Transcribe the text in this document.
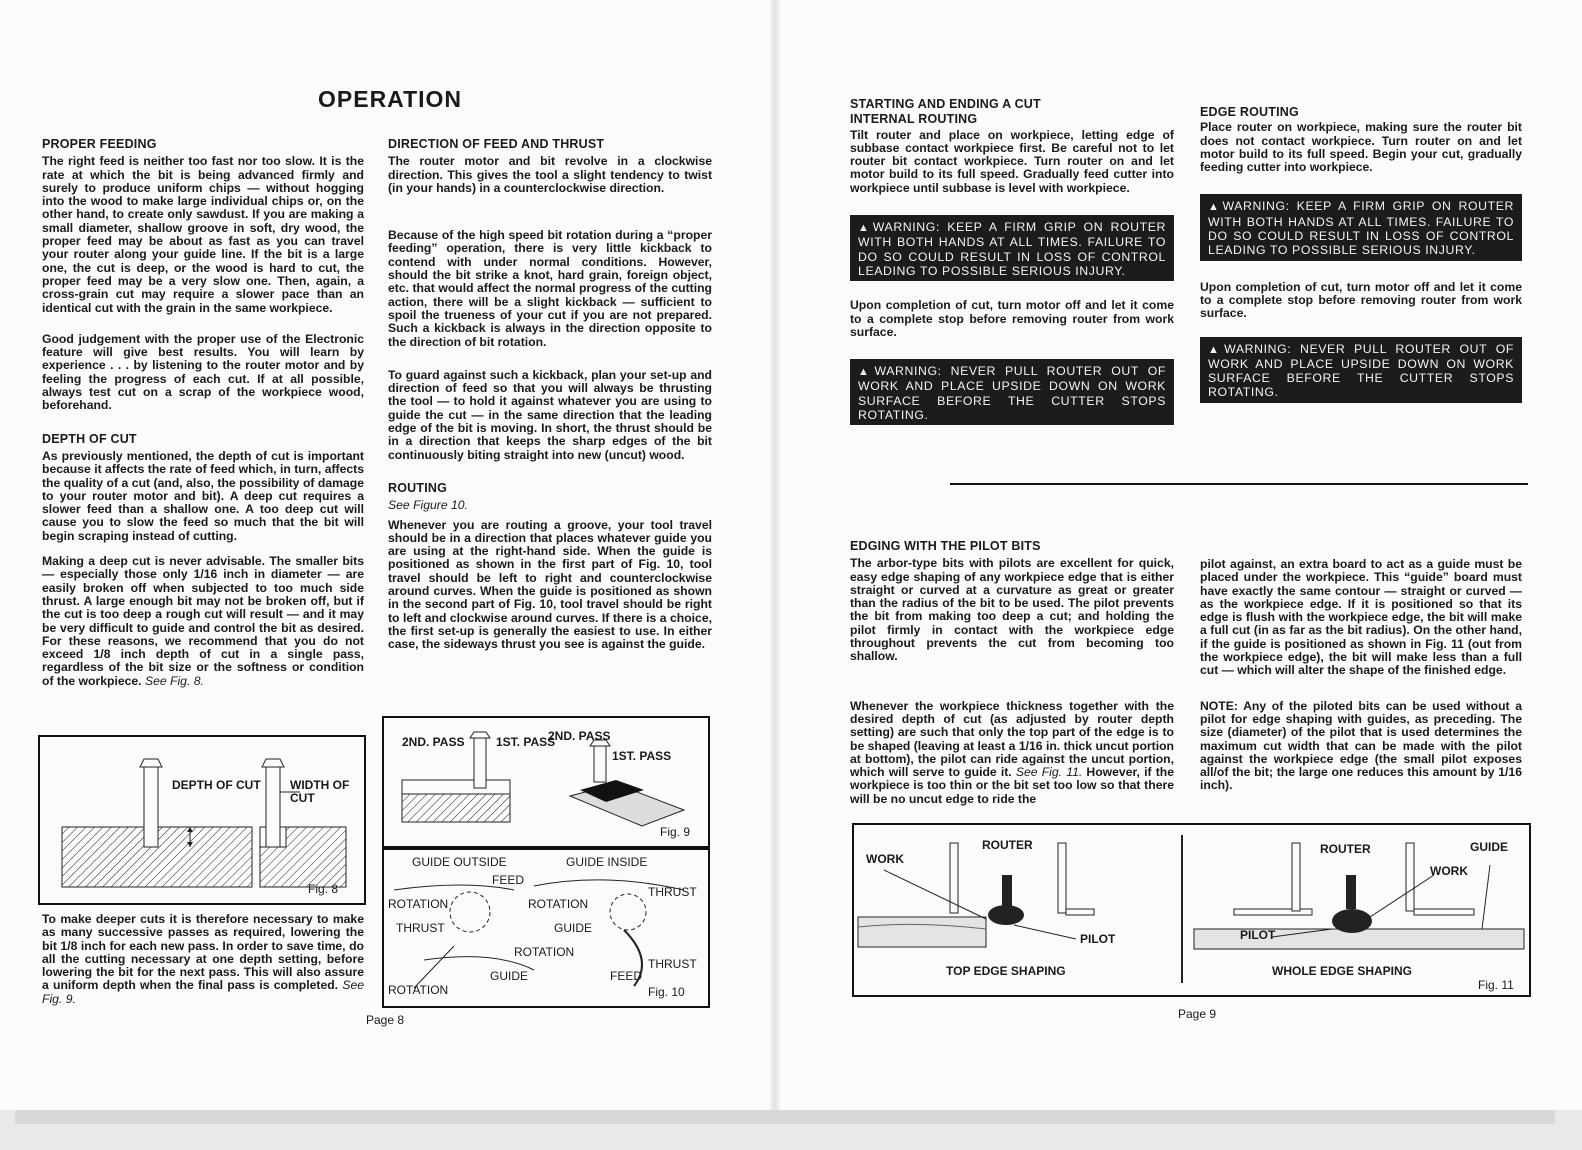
OPERATION
PROPER FEEDING

The right feed is neither too fast nor too slow. It is the rate at which the bit is being advanced firmly and surely to produce uniform chips — without hogging into the wood to make large individual chips or, on the other hand, to create only sawdust. If you are making a small diameter, shallow groove in soft, dry wood, the proper feed may be about as fast as you can travel your router along your guide line. If the bit is a large one, the cut is deep, or the wood is hard to cut, the proper feed may be a very slow one. Then, again, a cross-grain cut may require a slower pace than an identical cut with the grain in the same workpiece.

Good judgement with the proper use of the Electronic feature will give best results. You will learn by experience . . . by listening to the router motor and by feeling the progress of each cut. If at all possible, always test cut on a scrap of the workpiece wood, beforehand.

DEPTH OF CUT

As previously mentioned, the depth of cut is important because it affects the rate of feed which, in turn, affects the quality of a cut (and, also, the possibility of damage to your router motor and bit). A deep cut requires a slower feed than a shallow one. A too deep cut will cause you to slow the feed so much that the bit will begin scraping instead of cutting.

Making a deep cut is never advisable. The smaller bits — especially those only 1/16 inch in diameter — are easily broken off when subjected to too much side thrust. A large enough bit may not be broken off, but if the cut is too deep a rough cut will result — and it may be very difficult to guide and control the bit as desired. For these reasons, we recommend that you do not exceed 1/8 inch depth of cut in a single pass, regardless of the bit size or the softness or condition of the workpiece. See Fig. 8.

DEPTH OF CUT WIDTH OF CUT
Fig. 8

To make deeper cuts it is therefore necessary to make as many successive passes as required, lowering the bit 1/8 inch for each new pass. In order to save time, do all the cutting necessary at one depth setting, before lowering the bit for the next pass. This will also assure a uniform depth when the final pass is completed. See Fig. 9.

DIRECTION OF FEED AND THRUST

The router motor and bit revolve in a clockwise direction. This gives the tool a slight tendency to twist (in your hands) in a counterclockwise direction.

Because of the high speed bit rotation during a “proper feeding” operation, there is very little kickback to contend with under normal conditions. However, should the bit strike a knot, hard grain, foreign object, etc. that would affect the normal progress of the cutting action, there will be a slight kickback — sufficient to spoil the trueness of your cut if you are not prepared. Such a kickback is always in the direction opposite to the direction of bit rotation.

To guard against such a kickback, plan your set-up and direction of feed so that you will always be thrusting the tool — to hold it against whatever you are using to guide the cut — in the same direction that the leading edge of the bit is moving. In short, the thrust should be in a direction that keeps the sharp edges of the bit continuously biting straight into new (uncut) wood.

ROUTING

See Figure 10.

Whenever you are routing a groove, your tool travel should be in a direction that places whatever guide you are using at the right-hand side. When the guide is positioned as shown in the first part of Fig. 10, tool travel should be left to right and counterclockwise around curves. When the guide is positioned as shown in the second part of Fig. 10, tool travel should be right to left and clockwise around curves. If there is a choice, the first set-up is generally the easiest to use. In either case, the sideways thrust you see is against the guide.

2ND. PASS	1ST. PASS
2ND. PASS
1ST. PASS
Fig. 9
GUIDE OUTSIDE	GUIDE INSIDE
FEED
THRUST
ROTATION	ROTATION
THRUST	GUIDE
ROTATION
THRUST
GUIDE	FEED
ROTATION	Fig. 10
Page 8
STARTING AND ENDING A CUT
INTERNAL ROUTING

Tilt router and place on workpiece, letting edge of subbase contact workpiece first. Be careful not to let router bit contact workpiece. Turn router on and let motor build to its full speed. Gradually feed cutter into workpiece until subbase is level with workpiece.

▲WARNING: KEEP A FIRM GRIP ON ROUTER WITH BOTH HANDS AT ALL TIMES. FAILURE TO DO SO COULD RESULT IN LOSS OF CONTROL LEADING TO POSSIBLE SERIOUS INJURY.

Upon completion of cut, turn motor off and let it come to a complete stop before removing router from work surface.

▲WARNING: NEVER PULL ROUTER OUT OF WORK AND PLACE UPSIDE DOWN ON WORK SURFACE BEFORE THE CUTTER STOPS ROTATING.
EDGE ROUTING

Place router on workpiece, making sure the router bit does not contact workpiece. Turn router on and let motor build to its full speed. Begin your cut, gradually feeding cutter into workpiece.

▲WARNING: KEEP A FIRM GRIP ON ROUTER WITH BOTH HANDS AT ALL TIMES. FAILURE TO DO SO COULD RESULT IN LOSS OF CONTROL LEADING TO POSSIBLE SERIOUS INJURY.

Upon completion of cut, turn motor off and let it come to a complete stop before removing router from work surface.

▲WARNING: NEVER PULL ROUTER OUT OF WORK AND PLACE UPSIDE DOWN ON WORK SURFACE BEFORE THE CUTTER STOPS ROTATING.
EDGING WITH THE PILOT BITS

The arbor-type bits with pilots are excellent for quick, easy edge shaping of any workpiece edge that is either straight or curved at a curvature as great or greater than the radius of the bit to be used. The pilot prevents the bit from making too deep a cut; and holding the pilot firmly in contact with the workpiece edge throughout prevents the cut from becoming too shallow.

Whenever the workpiece thickness together with the desired depth of cut (as adjusted by router depth setting) are such that only the top part of the edge is to be shaped (leaving at least a 1/16 in. thick uncut portion at bottom), the pilot can ride against the uncut portion, which will serve to guide it. See Fig. 11. However, if the workpiece is too thin or the bit set too low so that there will be no uncut edge to ride the

pilot against, an extra board to act as a guide must be placed under the workpiece. This “guide” board must have exactly the same contour — straight or curved — as the workpiece edge. If it is positioned so that its edge is flush with the workpiece edge, the bit will make a full cut (in as far as the bit radius). On the other hand, if the guide is positioned as shown in Fig. 11 (out from the workpiece edge), the bit will make less than a full cut — which will alter the shape of the finished edge.

NOTE: Any of the piloted bits can be used without a pilot for edge shaping with guides, as preceding. The size (diameter) of the pilot that is used determines the maximum cut width that can be made with the pilot against the workpiece edge (the small pilot exposes all/of the bit; the large one reduces this amount by 1/16 inch).

WORK
ROUTER
PILOT
TOP EDGE SHAPING
ROUTER	GUIDE
WORK
PILOT
WHOLE EDGE SHAPING
Fig. 11
Page 9
